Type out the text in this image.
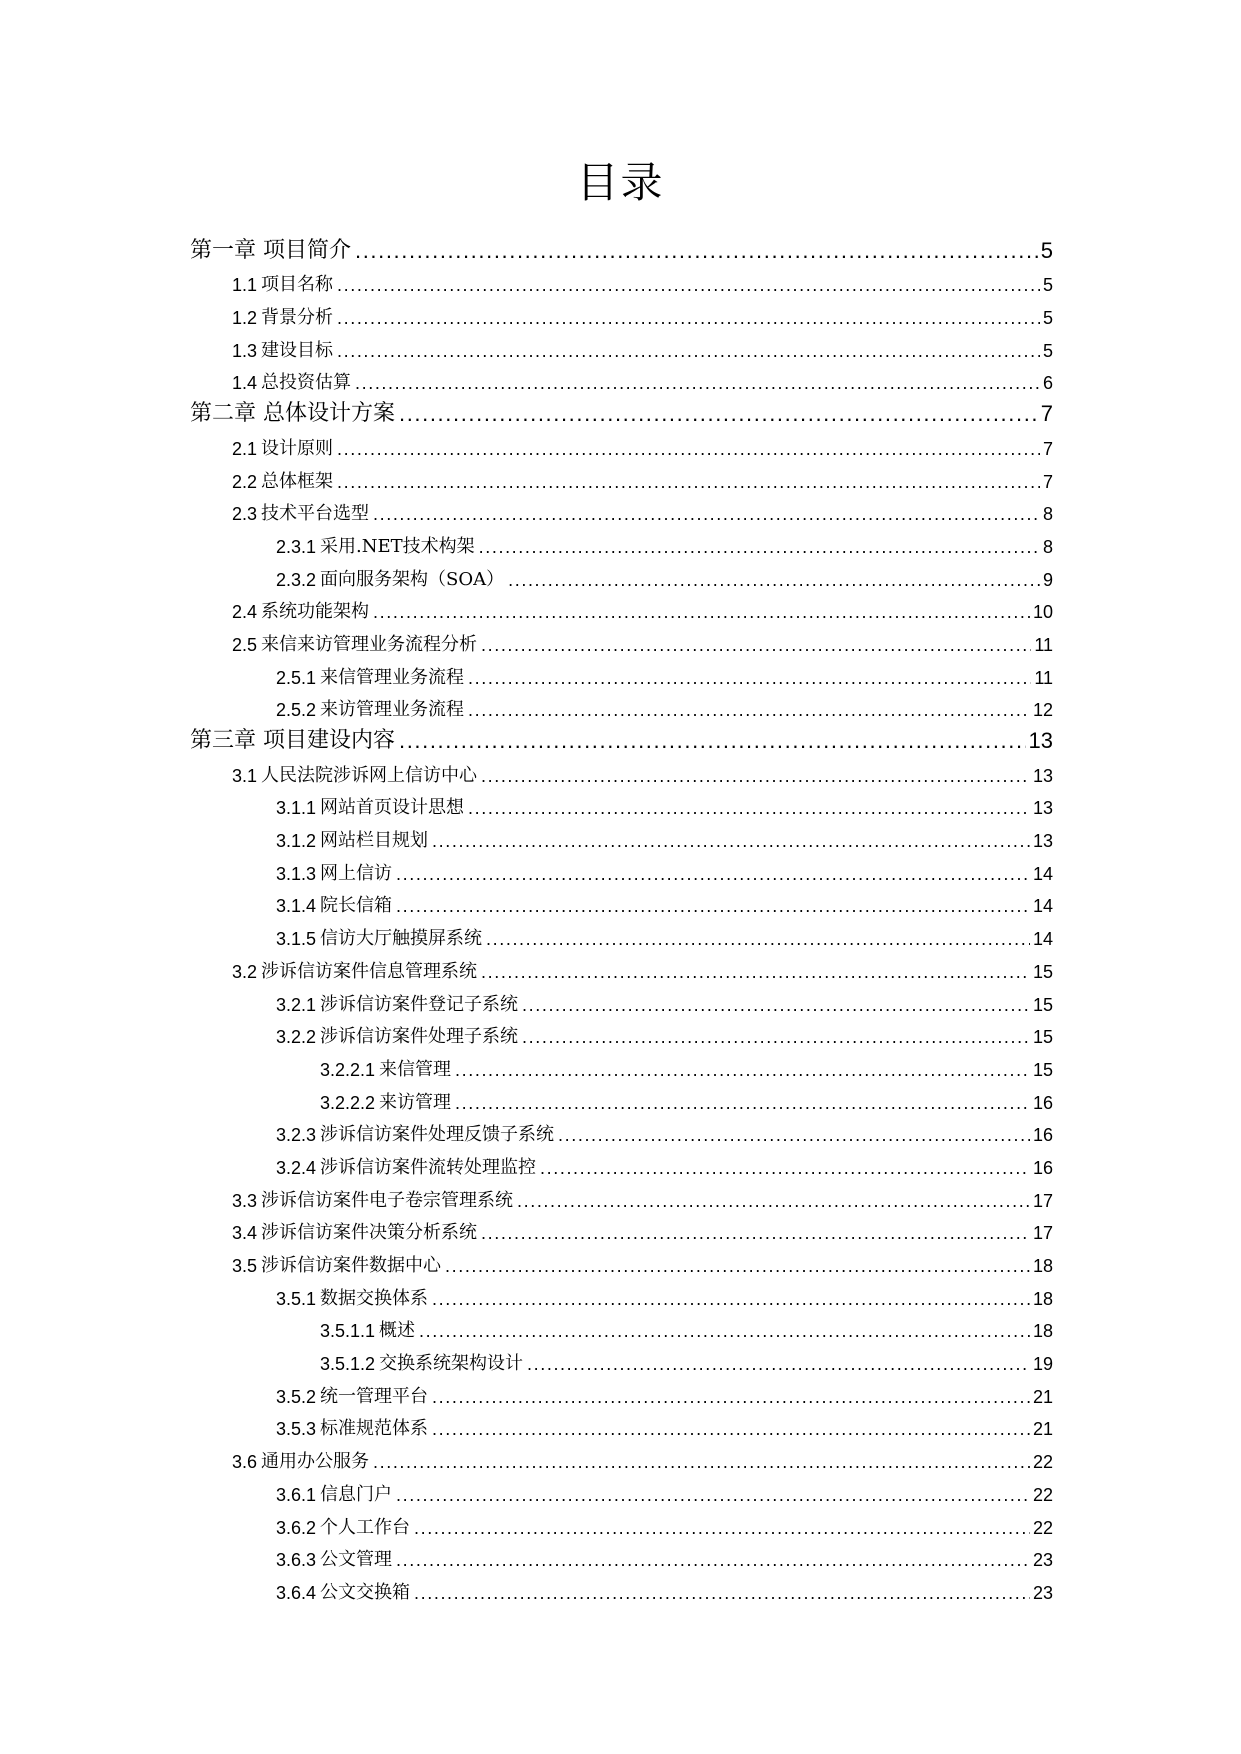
目录
第一章 项目简介 .....	5
1.1 项目名称 .....	5
1.2 背景分析 .....	5
1.3 建设目标 .....	5
1.4 总投资估算 .....	6
第二章 总体设计方案 .....	7
2.1 设计原则 .....	7
2.2 总体框架 .....	7
2.3 技术平台选型 .....	8
2.3.1 采用.NET技术构架 .....	8
2.3.2 面向服务架构（SOA） .....	9
2.4 系统功能架构 .....	10
2.5 来信来访管理业务流程分析 .....	11
2.5.1 来信管理业务流程 .....	11
2.5.2 来访管理业务流程 .....	12
第三章 项目建设内容 .....	13
3.1 人民法院涉诉网上信访中心 .....	13
3.1.1 网站首页设计思想 .....	13
3.1.2 网站栏目规划 .....	13
3.1.3 网上信访 .....	14
3.1.4 院长信箱 .....	14
3.1.5 信访大厅触摸屏系统 .....	14
3.2 涉诉信访案件信息管理系统 .....	15
3.2.1 涉诉信访案件登记子系统 .....	15
3.2.2 涉诉信访案件处理子系统 .....	15
3.2.2.1 来信管理 .....	15
3.2.2.2 来访管理 .....	16
3.2.3 涉诉信访案件处理反馈子系统 .....	16
3.2.4 涉诉信访案件流转处理监控 .....	16
3.3 涉诉信访案件电子卷宗管理系统 .....	17
3.4 涉诉信访案件决策分析系统 .....	17
3.5 涉诉信访案件数据中心 .....	18
3.5.1 数据交换体系 .....	18
3.5.1.1 概述 .....	18
3.5.1.2 交换系统架构设计 .....	19
3.5.2 统一管理平台 .....	21
3.5.3 标准规范体系 .....	21
3.6 通用办公服务 .....	22
3.6.1 信息门户 .....	22
3.6.2 个人工作台 .....	22
3.6.3 公文管理 .....	23
3.6.4 公文交换箱 .....	23
